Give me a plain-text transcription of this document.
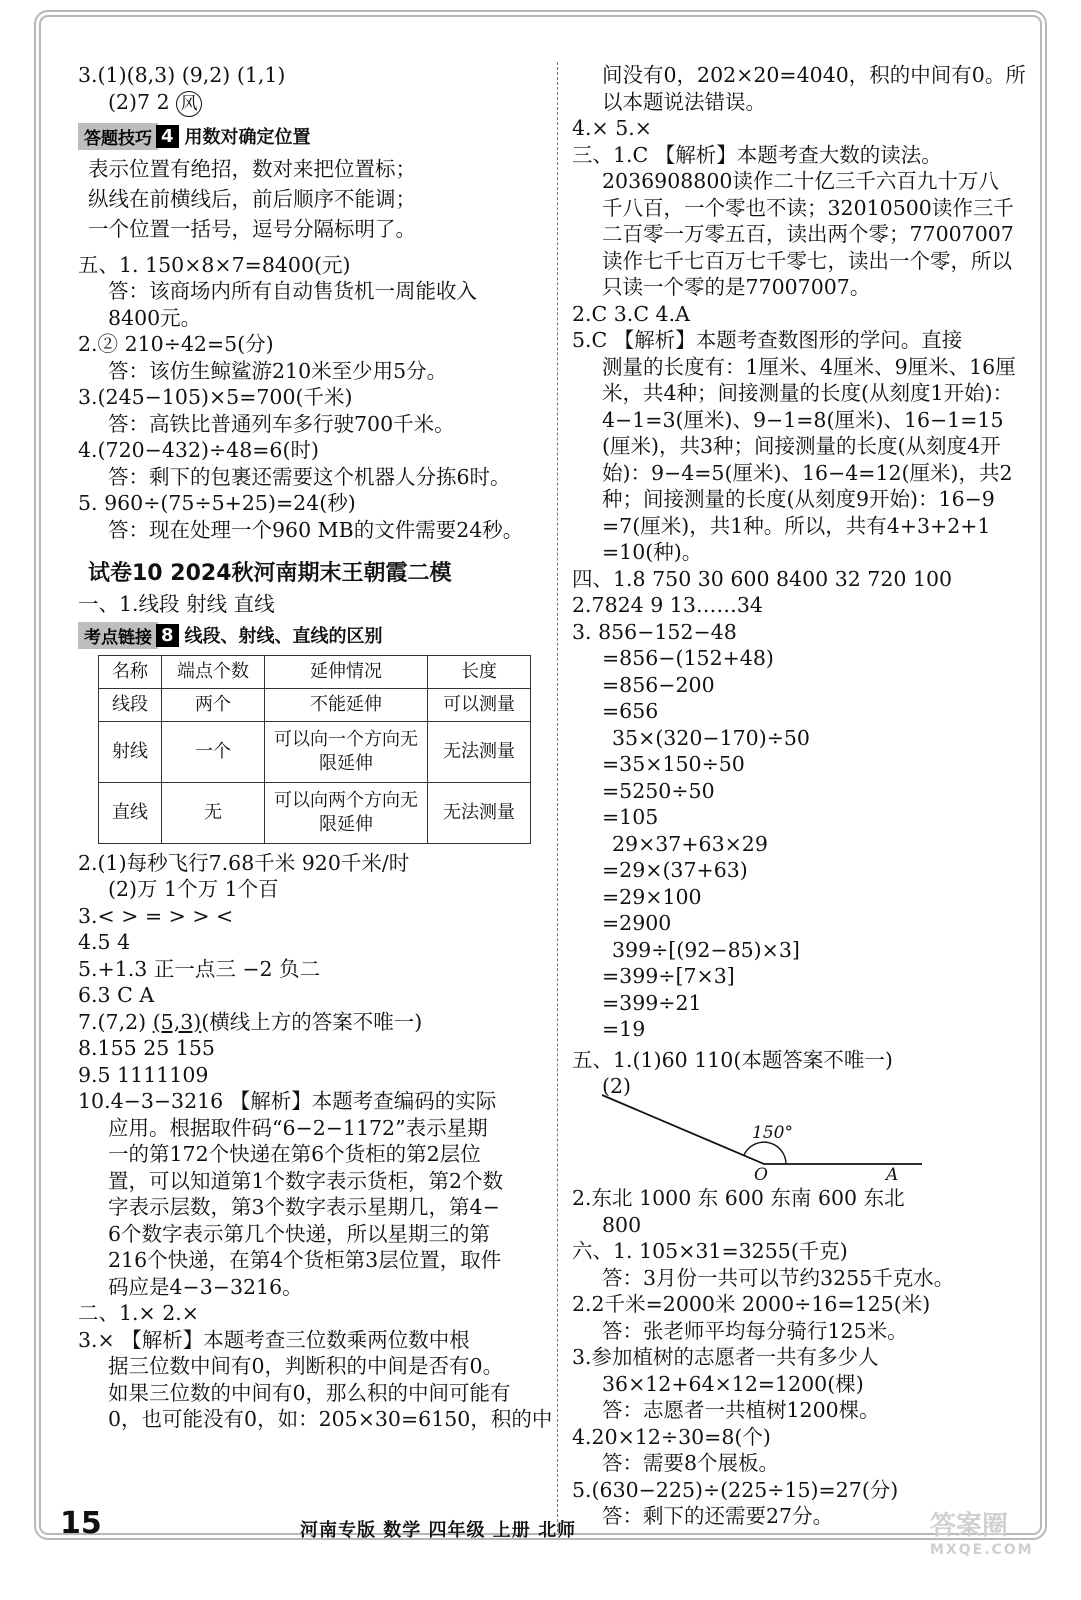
3.(1)(8,3) (9,2) (1,1)
(2)7 2 风
答题技巧 4 用数对确定位置
表示位置有绝招，数对来把位置标；
纵线在前横线后，前后顺序不能调；
一个位置一括号，逗号分隔标明了。
五、1. 150×8×7=8400(元)
答：该商场内所有自动售货机一周能收入
8400元。
2.② 210÷42=5(分)
答：该仿生鲸鲨游210米至少用5分。
3.(245−105)×5=700(千米)
答：高铁比普通列车多行驶700千米。
4.(720−432)÷48=6(时)
答：剩下的包裹还需要这个机器人分拣6时。
5. 960÷(75÷5+25)=24(秒)
答：现在处理一个960 MB的文件需要24秒。
试卷10 2024秋河南期末王朝霞二模
一、1.线段 射线 直线
考点链接 8 线段、射线、直线的区别
名称	端点个数	延伸情况	长度
线段	两个	不能延伸	可以测量
射线	一个	可以向一个方向无限延伸	无法测量
直线	无	可以向两个方向无限延伸	无法测量
2.(1)每秒飞行7.68千米 920千米/时
(2)万 1个万 1个百
3.< > = > > <
4.5 4
5.+1.3 正一点三 −2 负二
6.3 C A
7.(7,2) (5,3)(横线上方的答案不唯一)
8.155 25 155
9.5 1111109
10.4−3−3216 【解析】本题考查编码的实际
应用。根据取件码“6−2−1172”表示星期
一的第172个快递在第6个货柜的第2层位
置，可以知道第1个数字表示货柜，第2个数
字表示层数，第3个数字表示星期几，第4−
6个数字表示第几个快递，所以星期三的第
216个快递，在第4个货柜第3层位置，取件
码应是4−3−3216。
二、1.× 2.×
3.× 【解析】本题考查三位数乘两位数中根
据三位数中间有0，判断积的中间是否有0。
如果三位数的中间有0，那么积的中间可能有
0，也可能没有0，如：205×30=6150，积的中
间没有0，202×20=4040，积的中间有0。所
以本题说法错误。
4.× 5.×
三、1.C 【解析】本题考查大数的读法。
2036908800读作二十亿三千六百九十万八
千八百，一个零也不读；32010500读作三千
二百零一万零五百，读出两个零；77007007
读作七千七百万七千零七，读出一个零，所以
只读一个零的是77007007。
2.C 3.C 4.A
5.C 【解析】本题考查数图形的学问。直接
测量的长度有：1厘米、4厘米、9厘米、16厘
米，共4种；间接测量的长度(从刻度1开始)：
4−1=3(厘米)、9−1=8(厘米)、16−1=15
(厘米)，共3种；间接测量的长度(从刻度4开
始)：9−4=5(厘米)、16−4=12(厘米)，共2
种；间接测量的长度(从刻度9开始)：16−9
=7(厘米)，共1种。所以，共有4+3+2+1
=10(种)。
四、1.8 750 30 600 8400 32 720 100
2.7824 9 13……34
3. 856−152−48
=856−(152+48)
=856−200
=656
35×(320−170)÷50
=35×150÷50
=5250÷50
=105
29×37+63×29
=29×(37+63)
=29×100
=2900
399÷[(92−85)×3]
=399÷[7×3]
=399÷21
=19
五、1.(1)60 110(本题答案不唯一)
(2)
150°
O	A
2.东北 1000 东 600 东南 600 东北
800
六、1. 105×31=3255(千克)
答：3月份一共可以节约3255千克水。
2.2千米=2000米 2000÷16=125(米)
答：张老师平均每分骑行125米。
3.参加植树的志愿者一共有多少人
36×12+64×12=1200(棵)
答：志愿者一共植树1200棵。
4.20×12÷30=8(个)
答：需要8个展板。
5.(630−225)÷(225÷15)=27(分)
答：剩下的还需要27分。
15	河南专版 数学 四年级 上册 北师	答案圈
MXQE.COM
